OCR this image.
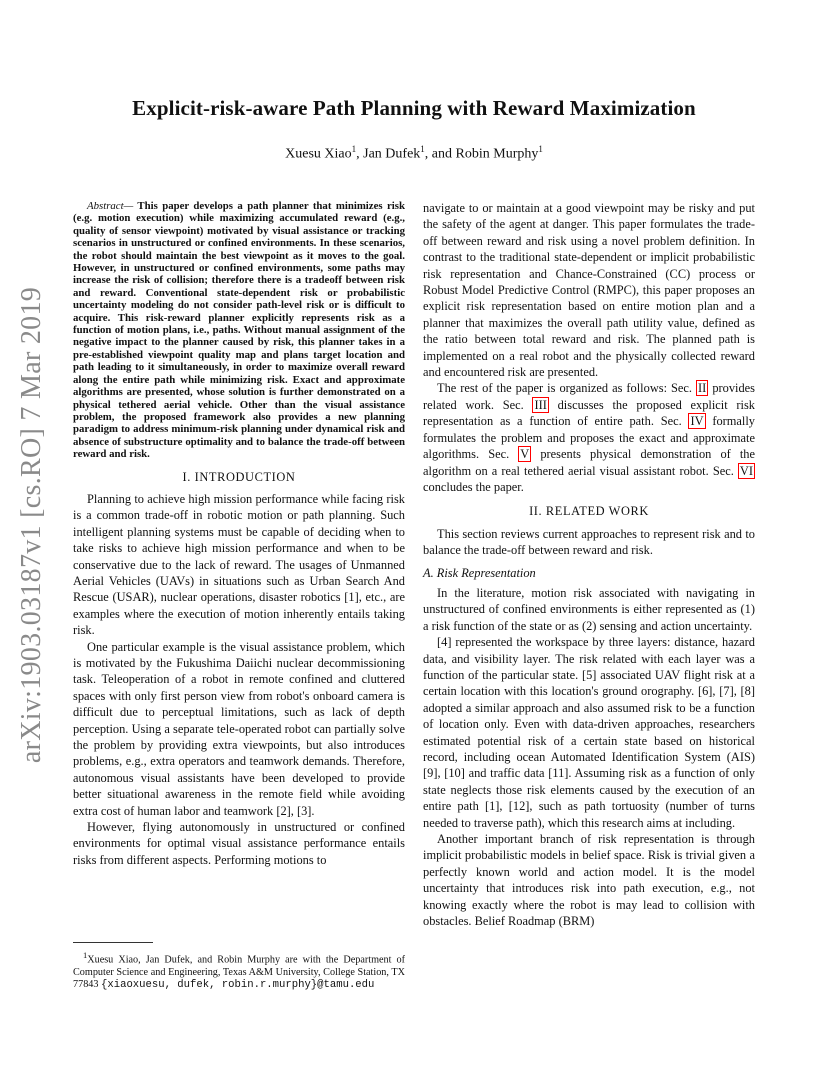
arXiv:1903.03187v1 [cs.RO] 7 Mar 2019
Explicit-risk-aware Path Planning with Reward Maximization
Xuesu Xiao$^1$, Jan Dufek$^1$, and Robin Murphy$^1$

Abstract— This paper develops a path planner that minimizes risk (e.g. motion execution) while maximizing accumulated reward (e.g., quality of sensor viewpoint) motivated by visual assistance or tracking scenarios in unstructured or confined environments. In these scenarios, the robot should maintain the best viewpoint as it moves to the goal. However, in unstructured or confined environments, some paths may increase the risk of collision; therefore there is a tradeoff between risk and reward. Conventional state-dependent risk or probabilistic uncertainty modeling do not consider path-level risk or is difficult to acquire. This risk-reward planner explicitly represents risk as a function of motion plans, i.e., paths. Without manual assignment of the negative impact to the planner caused by risk, this planner takes in a pre-established viewpoint quality map and plans target location and path leading to it simultaneously, in order to maximize overall reward along the entire path while minimizing risk. Exact and approximate algorithms are presented, whose solution is further demonstrated on a physical tethered aerial vehicle. Other than the visual assistance problem, the proposed framework also provides a new planning paradigm to address minimum-risk planning under dynamical risk and absence of substructure optimality and to balance the trade-off between reward and risk.

I. INTRODUCTION

Planning to achieve high mission performance while facing risk is a common trade-off in robotic motion or path planning. Such intelligent planning systems must be capable of deciding when to take risks to achieve high mission performance and when to be conservative due to the lack of reward. The usages of Unmanned Aerial Vehicles (UAVs) in situations such as Urban Search And Rescue (USAR), nuclear operations, disaster robotics [1], etc., are examples where the execution of motion inherently entails taking risk.

One particular example is the visual assistance problem, which is motivated by the Fukushima Daiichi nuclear decommissioning task. Teleoperation of a robot in remote confined and cluttered spaces with only first person view from robot's onboard camera is difficult due to perceptual limitations, such as lack of depth perception. Using a separate tele-operated robot can partially solve the problem by providing extra viewpoints, but also introduces problems, e.g., extra operators and teamwork demands. Therefore, autonomous visual assistants have been developed to provide better situational awareness in the remote field while avoiding extra cost of human labor and teamwork [2], [3].

However, flying autonomously in unstructured or confined environments for optimal visual assistance performance entails risks from different aspects. Performing motions to

$^1$Xuesu Xiao, Jan Dufek, and Robin Murphy are with the Department of Computer Science and Engineering, Texas A&M University, College Station, TX 77843 {xiaoxuesu, dufek, robin.r.murphy}@tamu.edu

navigate to or maintain at a good viewpoint may be risky and put the safety of the agent at danger. This paper formulates the trade-off between reward and risk using a novel problem definition. In contrast to the traditional state-dependent or implicit probabilistic risk representation and Chance-Constrained (CC) process or Robust Model Predictive Control (RMPC), this paper proposes an explicit risk representation based on entire motion plan and a planner that maximizes the overall path utility value, defined as the ratio between total reward and risk. The planned path is implemented on a real robot and the physically collected reward and encountered risk are presented.

The rest of the paper is organized as follows: Sec. II provides related work. Sec. III discusses the proposed explicit risk representation as a function of entire path. Sec. IV formally formulates the problem and proposes the exact and approximate algorithms. Sec. V presents physical demonstration of the algorithm on a real tethered aerial visual assistant robot. Sec. VI concludes the paper.

II. RELATED WORK

This section reviews current approaches to represent risk and to balance the trade-off between reward and risk.

A. Risk Representation

In the literature, motion risk associated with navigating in unstructured of confined environments is either represented as (1) a risk function of the state or as (2) sensing and action uncertainty.

[4] represented the workspace by three layers: distance, hazard data, and visibility layer. The risk related with each layer was a function of the particular state. [5] associated UAV flight risk at a certain location with this location's ground orography. [6], [7], [8] adopted a similar approach and also assumed risk to be a function of location only. Even with data-driven approaches, researchers estimated potential risk of a certain state based on historical record, including ocean Automated Identification System (AIS) [9], [10] and traffic data [11]. Assuming risk as a function of only state neglects those risk elements caused by the execution of an entire path [1], [12], such as path tortuosity (number of turns needed to traverse path), which this research aims at including.

Another important branch of risk representation is through implicit probabilistic models in belief space. Risk is trivial given a perfectly known world and action model. It is the model uncertainty that introduces risk into path execution, e.g., not knowing exactly where the robot is may lead to collision with obstacles. Belief Roadmap (BRM)
